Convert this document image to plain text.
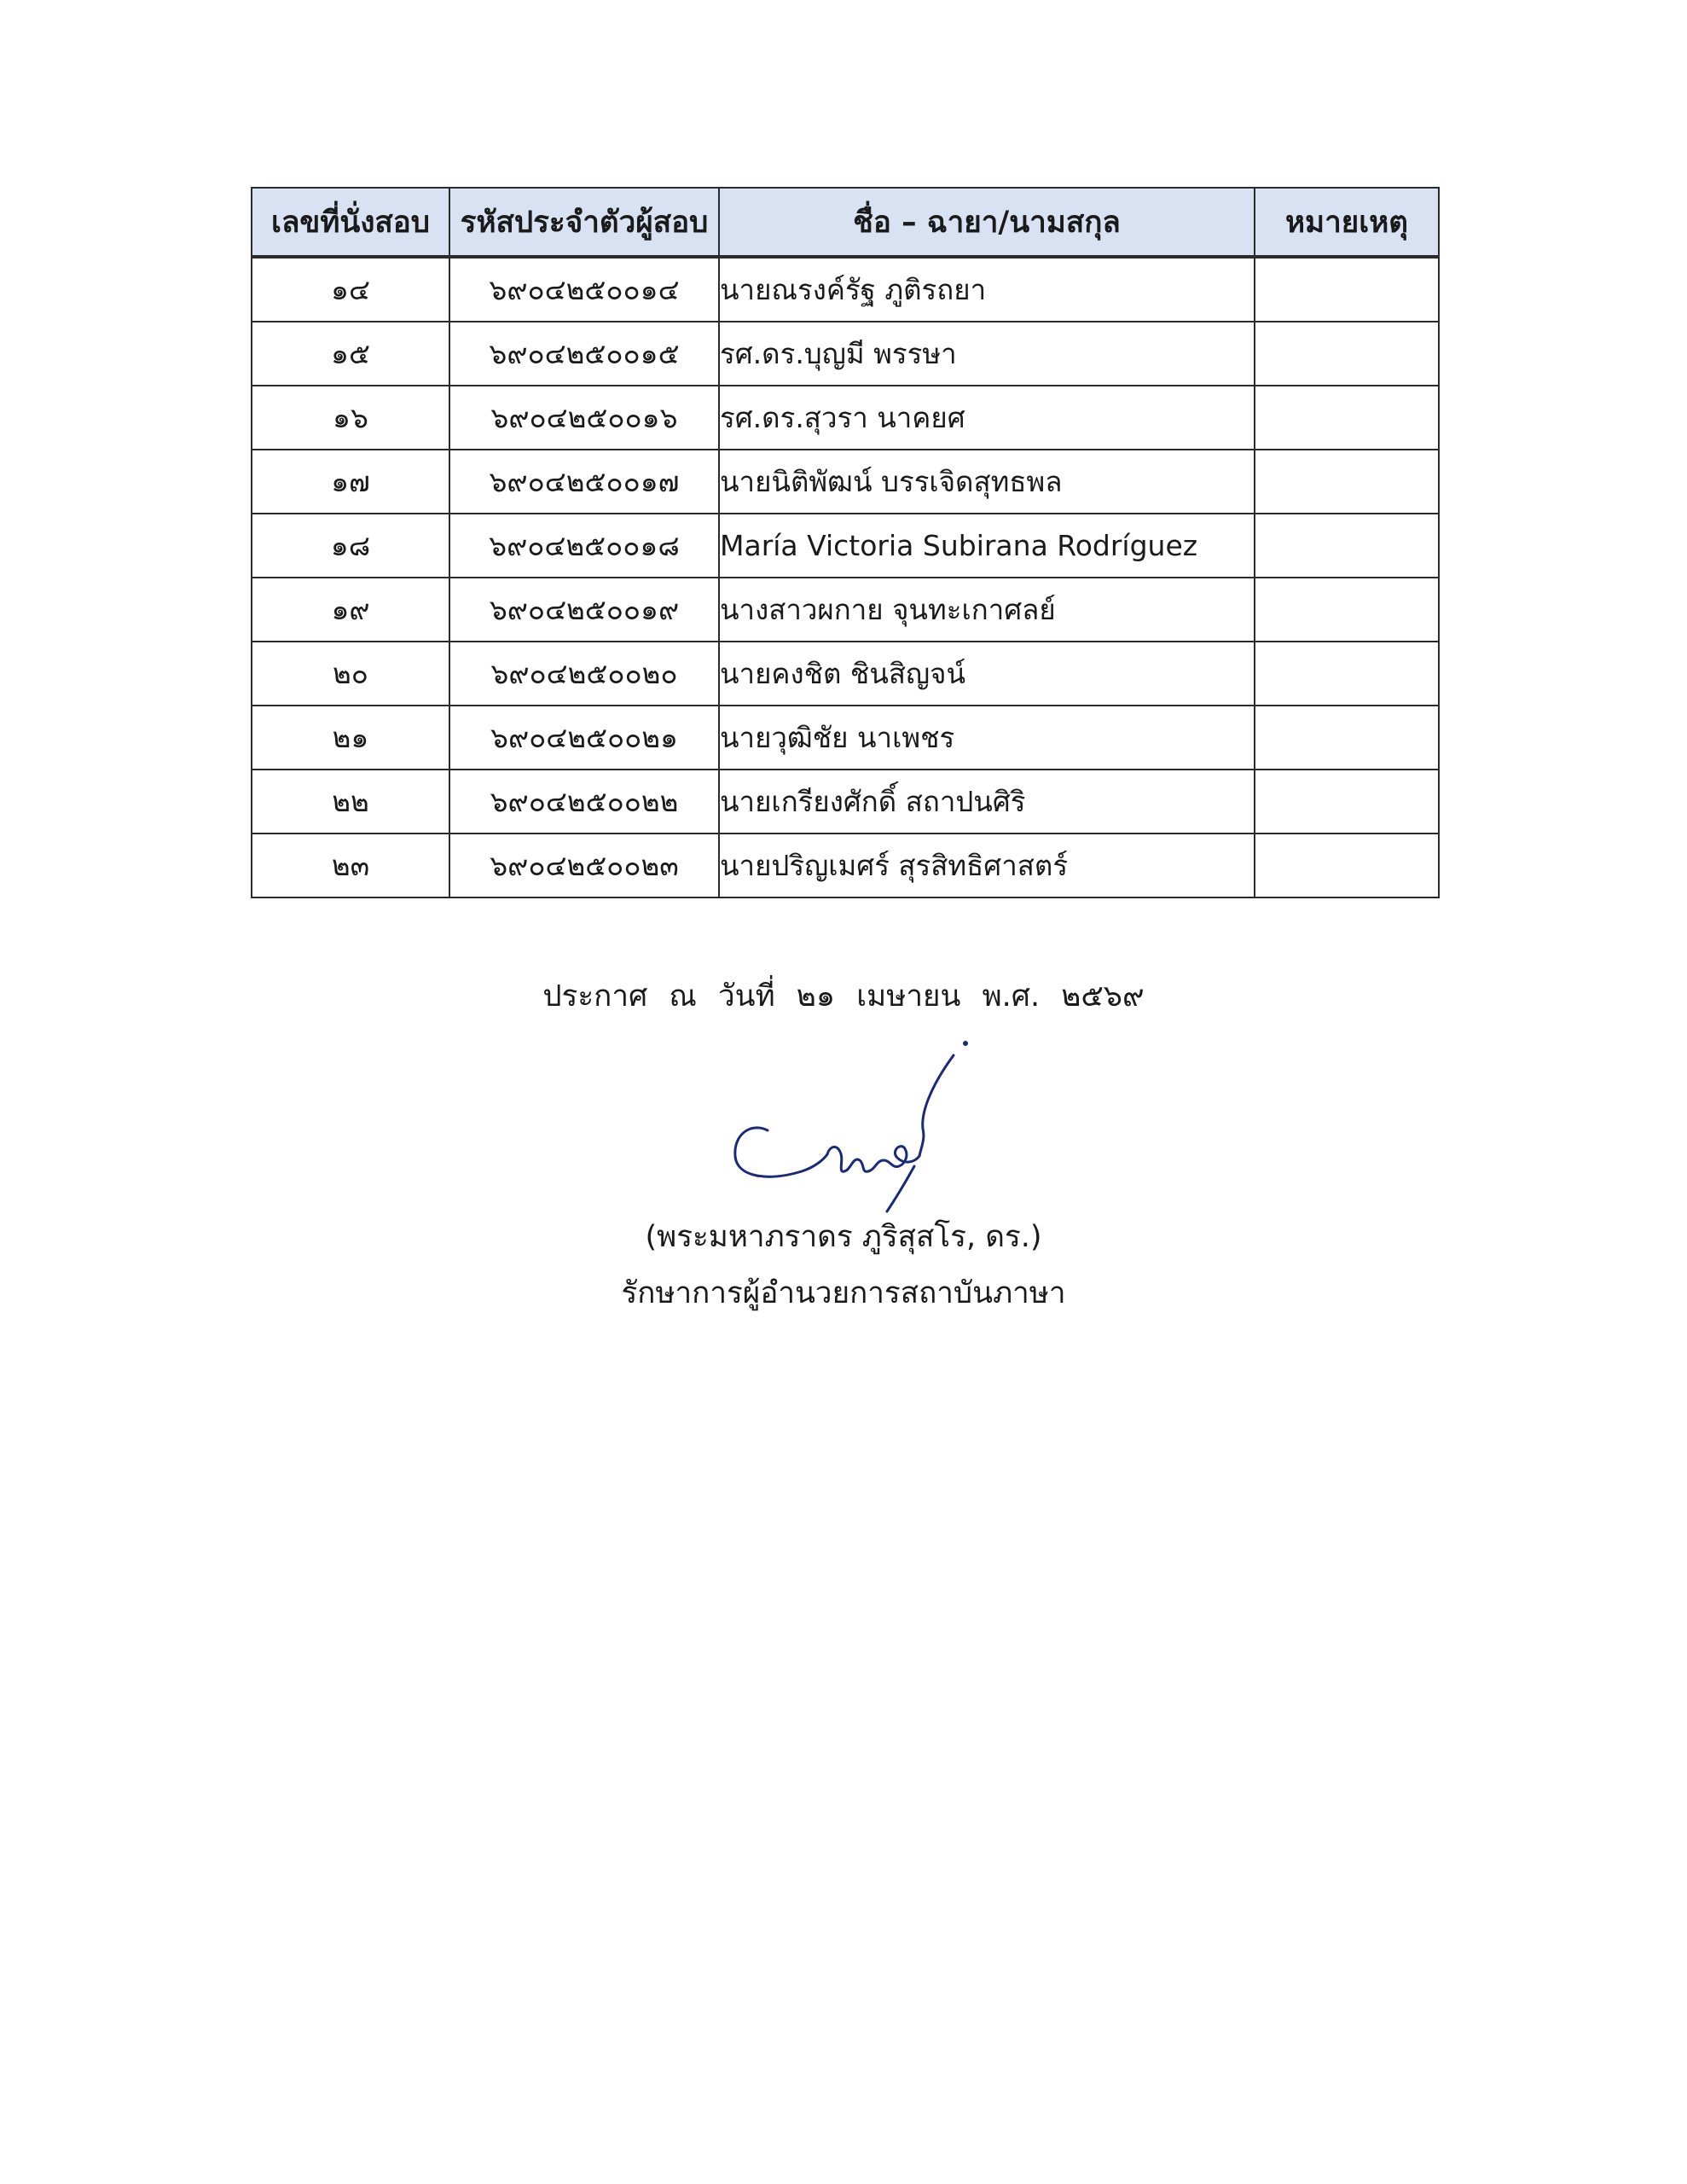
เลขที่นั่งสอบ	รหัสประจำตัวผู้สอบ	ชื่อ – ฉายา/นามสกุล	หมายเหตุ
๑๔	๖๙๐๔๒๕๐๐๑๔	นายณรงค์รัฐ ภูติรถยา	
๑๕	๖๙๐๔๒๕๐๐๑๕	รศ.ดร.บุญมี พรรษา	
๑๖	๖๙๐๔๒๕๐๐๑๖	รศ.ดร.สุวรา นาคยศ	
๑๗	๖๙๐๔๒๕๐๐๑๗	นายนิติพัฒน์ บรรเจิดสุทธพล	
๑๘	๖๙๐๔๒๕๐๐๑๘	María Victoria Subirana Rodríguez	
๑๙	๖๙๐๔๒๕๐๐๑๙	นางสาวผกาย จุนทะเกาศลย์	
๒๐	๖๙๐๔๒๕๐๐๒๐	นายคงชิต ชินสิญจน์	
๒๑	๖๙๐๔๒๕๐๐๒๑	นายวุฒิชัย นาเพชร	
๒๒	๖๙๐๔๒๕๐๐๒๒	นายเกรียงศักดิ์ สถาปนศิริ	
๒๓	๖๙๐๔๒๕๐๐๒๓	นายปริญเมศร์ สุรสิทธิศาสตร์	
ประกาศ ณ วันที่ ๒๑ เมษายน พ.ศ. ๒๕๖๙
(พระมหาภราดร ภูริสุสโร, ดร.)
รักษาการผู้อำนวยการสถาบันภาษา
